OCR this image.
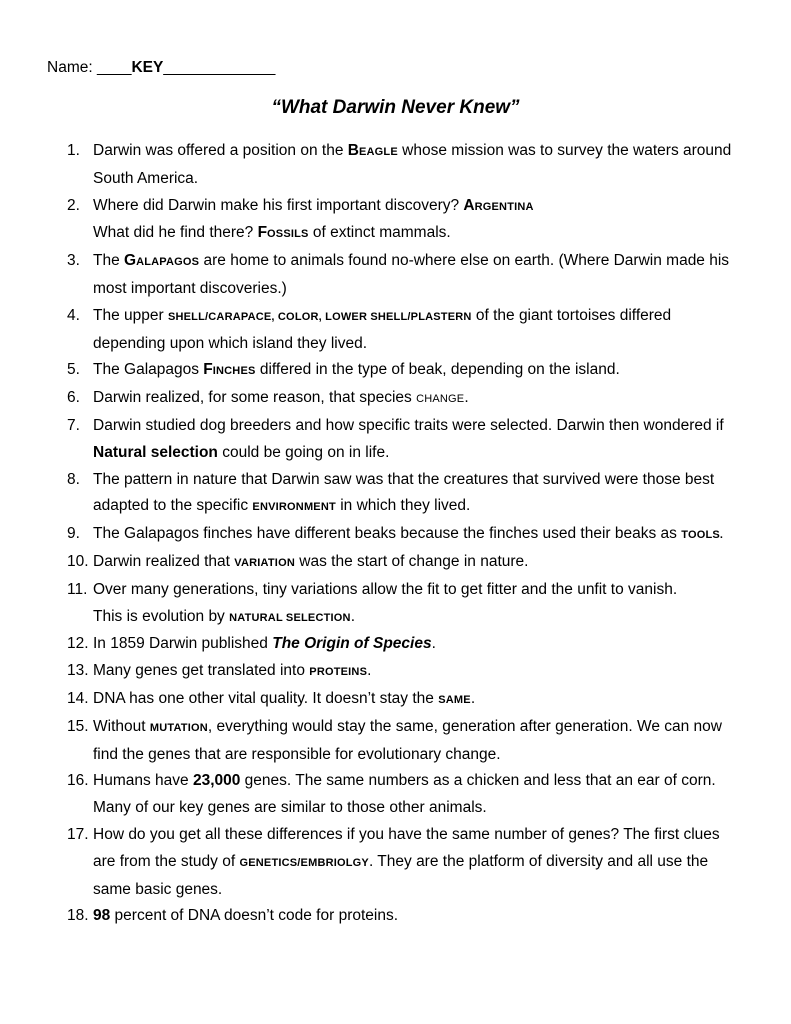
Name: ____KEY_____________
“What Darwin Never Knew”
1. Darwin was offered a position on the BEAGLE whose mission was to survey the waters around
South America.
2. Where did Darwin make his first important discovery? ARGENTINA
What did he find there? FOSSILS of extinct mammals.
3. The GALAPAGOS are home to animals found no-where else on earth. (Where Darwin made his
most important discoveries.)
4. The upper SHELL/CARAPACE, COLOR, LOWER SHELL/PLASTERN of the giant tortoises differed
depending upon which island they lived.
5. The Galapagos FINCHES differed in the type of beak, depending on the island.
6. Darwin realized, for some reason, that species CHANGE.
7. Darwin studied dog breeders and how specific traits were selected. Darwin then wondered if
Natural selection could be going on in life.
8. The pattern in nature that Darwin saw was that the creatures that survived were those best
adapted to the specific ENVIRONMENT in which they lived.
9. The Galapagos finches have different beaks because the finches used their beaks as TOOLS.
10. Darwin realized that VARIATION was the start of change in nature.
11. Over many generations, tiny variations allow the fit to get fitter and the unfit to vanish.
This is evolution by NATURAL SELECTION.
12. In 1859 Darwin published The Origin of Species.
13. Many genes get translated into PROTEINS.
14. DNA has one other vital quality. It doesn’t stay the SAME.
15. Without MUTATION, everything would stay the same, generation after generation. We can now
find the genes that are responsible for evolutionary change.
16. Humans have 23,000 genes. The same numbers as a chicken and less that an ear of corn.
Many of our key genes are similar to those other animals.
17. How do you get all these differences if you have the same number of genes? The first clues
are from the study of GENETICS/EMBRIOLGY. They are the platform of diversity and all use the
same basic genes.
18. 98 percent of DNA doesn’t code for proteins.
